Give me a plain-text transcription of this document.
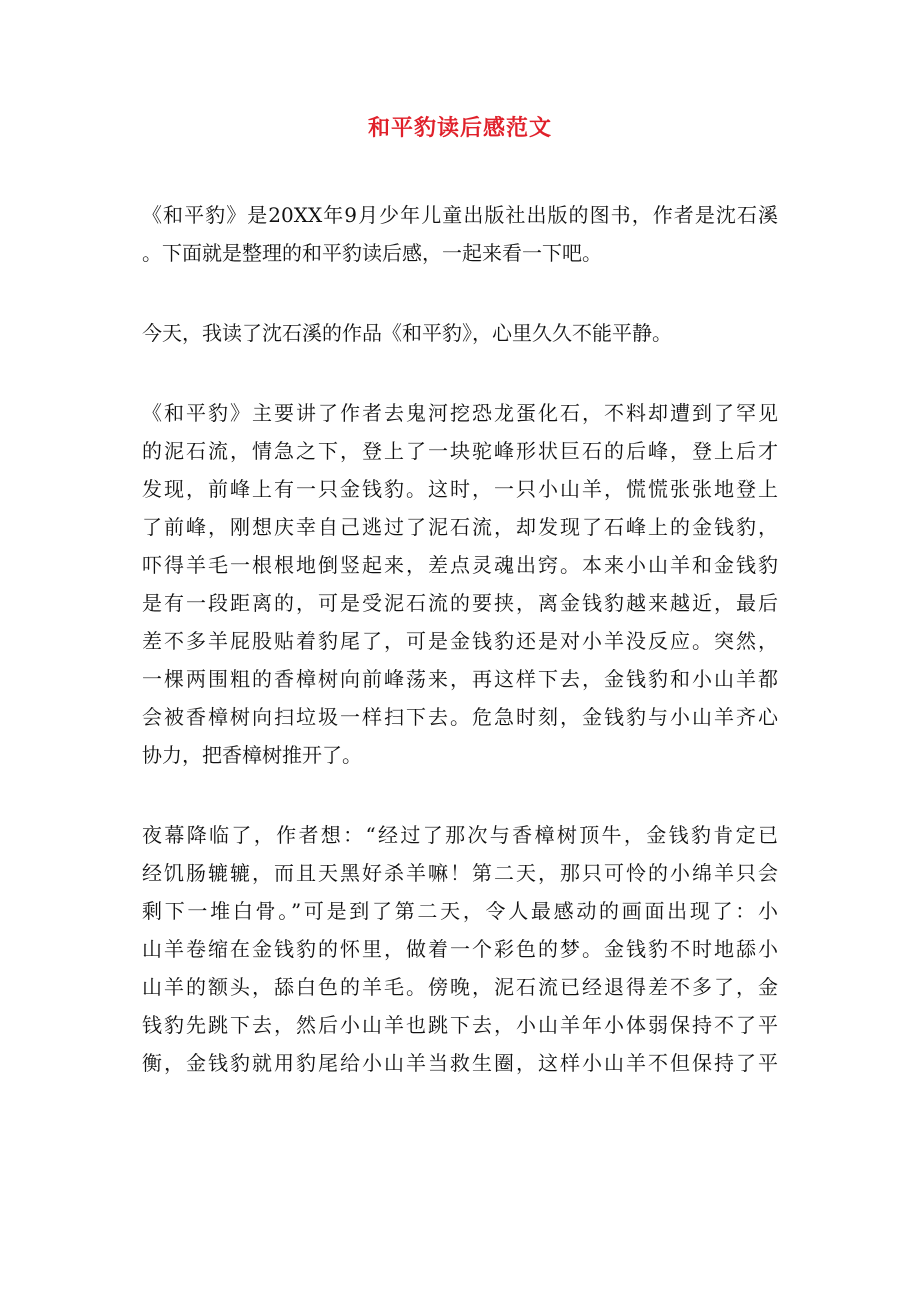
和平豹读后感范文
《和平豹》是20XX年9月少年儿童出版社出版的图书，作者是沈石溪
。下面就是整理的和平豹读后感，一起来看一下吧。
今天，我读了沈石溪的作品《和平豹》，心里久久不能平静。
《和平豹》主要讲了作者去鬼河挖恐龙蛋化石，不料却遭到了罕见
的泥石流，情急之下，登上了一块驼峰形状巨石的后峰，登上后才
发现，前峰上有一只金钱豹。这时，一只小山羊，慌慌张张地登上
了前峰，刚想庆幸自己逃过了泥石流，却发现了石峰上的金钱豹，
吓得羊毛一根根地倒竖起来，差点灵魂出窍。本来小山羊和金钱豹
是有一段距离的，可是受泥石流的要挟，离金钱豹越来越近，最后
差不多羊屁股贴着豹尾了，可是金钱豹还是对小羊没反应。突然，
一棵两围粗的香樟树向前峰荡来，再这样下去，金钱豹和小山羊都
会被香樟树向扫垃圾一样扫下去。危急时刻，金钱豹与小山羊齐心
协力，把香樟树推开了。
夜幕降临了，作者想：“经过了那次与香樟树顶牛，金钱豹肯定已
经饥肠辘辘，而且天黑好杀羊嘛！第二天，那只可怜的小绵羊只会
剩下一堆白骨。”可是到了第二天，令人最感动的画面出现了：小
山羊卷缩在金钱豹的怀里，做着一个彩色的梦。金钱豹不时地舔小
山羊的额头，舔白色的羊毛。傍晚，泥石流已经退得差不多了，金
钱豹先跳下去，然后小山羊也跳下去，小山羊年小体弱保持不了平
衡，金钱豹就用豹尾给小山羊当救生圈，这样小山羊不但保持了平
